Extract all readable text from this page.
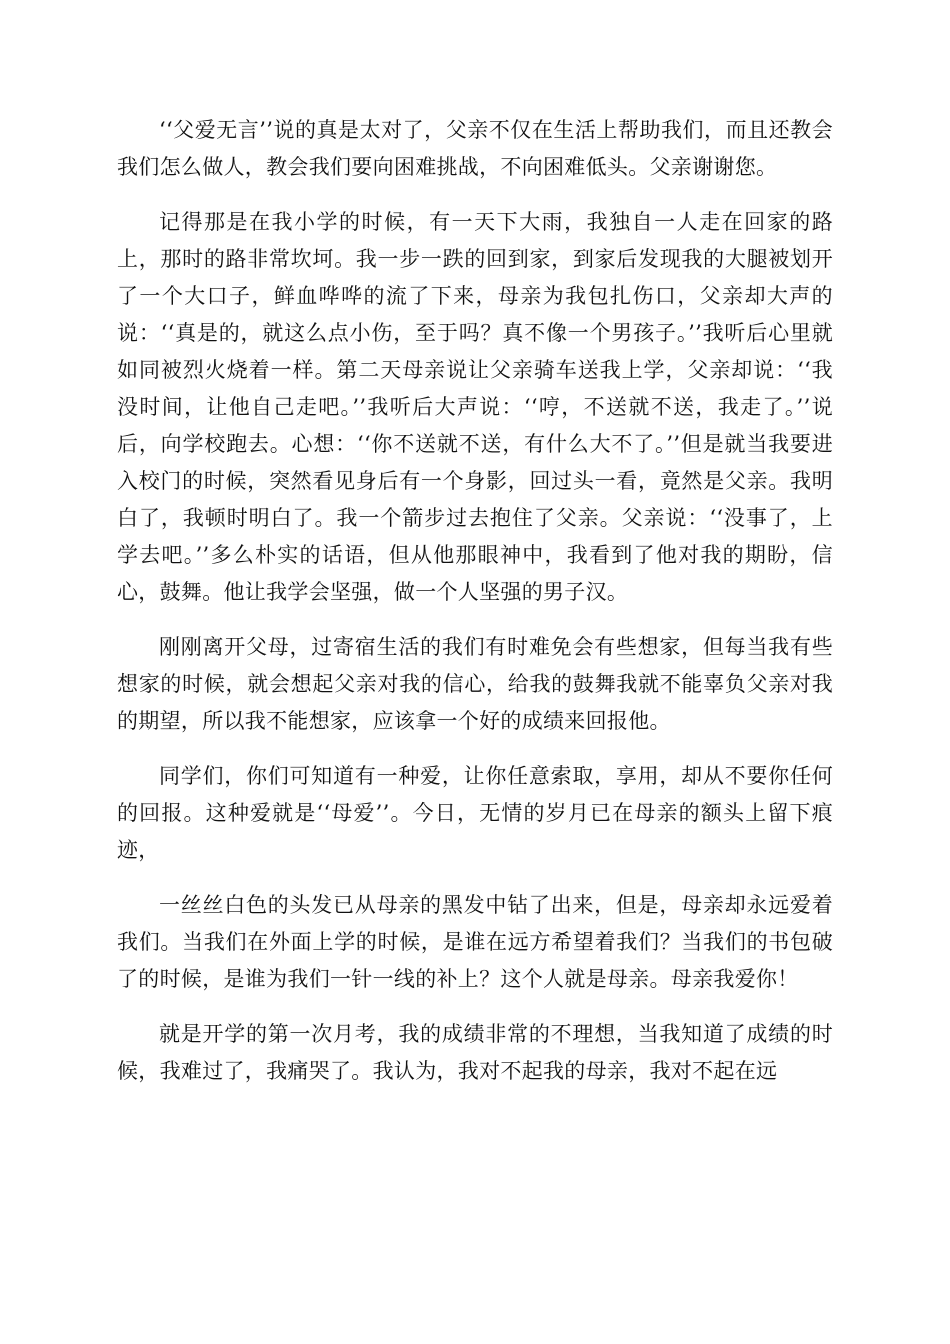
‘‘父爱无言’’说的真是太对了，父亲不仅在生活上帮助我们，而且还教会我们怎么做人，教会我们要向困难挑战，不向困难低头。父亲谢谢您。

记得那是在我小学的时候，有一天下大雨，我独自一人走在回家的路上，那时的路非常坎坷。我一步一跌的回到家，到家后发现我的大腿被划开了一个大口子，鲜血哗哗的流了下来，母亲为我包扎伤口，父亲却大声的说：‘‘真是的，就这么点小伤，至于吗？真不像一个男孩子。’’我听后心里就如同被烈火烧着一样。第二天母亲说让父亲骑车送我上学，父亲却说：‘‘我没时间，让他自己走吧。’’我听后大声说：‘‘哼，不送就不送，我走了。’’说后，向学校跑去。心想：‘‘你不送就不送，有什么大不了。’’但是就当我要进入校门的时候，突然看见身后有一个身影，回过头一看，竟然是父亲。我明白了，我顿时明白了。我一个箭步过去抱住了父亲。父亲说：‘‘没事了，上学去吧。’’多么朴实的话语，但从他那眼神中，我看到了他对我的期盼，信心，鼓舞。他让我学会坚强，做一个人坚强的男子汉。

刚刚离开父母，过寄宿生活的我们有时难免会有些想家，但每当我有些想家的时候，就会想起父亲对我的信心，给我的鼓舞我就不能辜负父亲对我的期望，所以我不能想家，应该拿一个好的成绩来回报他。

同学们，你们可知道有一种爱，让你任意索取，享用，却从不要你任何的回报。这种爱就是‘‘母爱’’。今日，无情的岁月已在母亲的额头上留下痕迹，

一丝丝白色的头发已从母亲的黑发中钻了出来，但是，母亲却永远爱着我们。当我们在外面上学的时候，是谁在远方希望着我们？当我们的书包破了的时候，是谁为我们一针一线的补上？这个人就是母亲。母亲我爱你！

就是开学的第一次月考，我的成绩非常的不理想，当我知道了成绩的时候，我难过了，我痛哭了。我认为，我对不起我的母亲，我对不起在远
